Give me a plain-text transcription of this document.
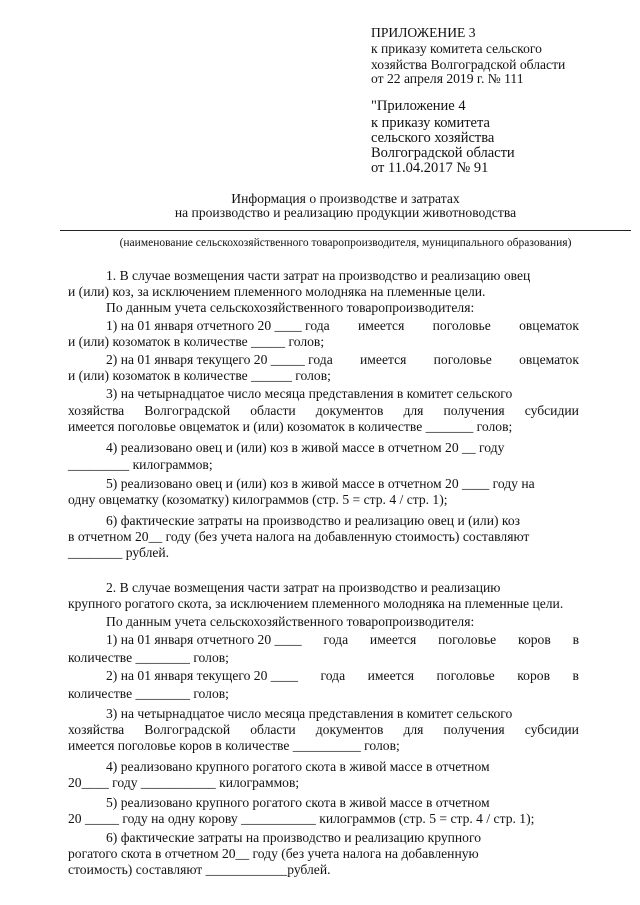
ПРИЛОЖЕНИЕ 3
к приказу комитета сельского
хозяйства Волгоградской области
от 22 апреля 2019 г. № 111
"Приложение 4
к приказу комитета
сельского хозяйства
Волгоградской области
от 11.04.2017 № 91
Информация о производстве и затратах
на производство и реализацию продукции животноводства
(наименование сельскохозяйственного товаропроизводителя, муниципального образования)
1. В случае возмещения части затрат на производство и реализацию овец
и (или) коз, за исключением племенного молодняка на племенные цели.
По данным учета сельскохозяйственного товаропроизводителя:
1) на 01 января отчетного 20 ____ года имеется поголовье овцематок
и (или) козоматок в количестве _____ голов;
2) на 01 января текущего 20 _____ года имеется поголовье овцематок
и (или) козоматок в количестве ______ голов;
3) на четырнадцатое число месяца представления в комитет сельского
хозяйства Волгоградской области документов для получения субсидии
имеется поголовье овцематок и (или) козоматок в количестве _______ голов;
4) реализовано овец и (или) коз в живой массе в отчетном 20 __ году
_________ килограммов;
5) реализовано овец и (или) коз в живой массе в отчетном 20 ____ году на
одну овцематку (козоматку) килограммов (стр. 5 = стр. 4 / стр. 1);
6) фактические затраты на производство и реализацию овец и (или) коз
в отчетном 20__ году (без учета налога на добавленную стоимость) составляют
________ рублей.
2. В случае возмещения части затрат на производство и реализацию
крупного рогатого скота, за исключением племенного молодняка на племенные цели.
По данным учета сельскохозяйственного товаропроизводителя:
1) на 01 января отчетного 20 ____ года имеется поголовье коров в
количестве ________ голов;
2) на 01 января текущего 20 ____ года имеется поголовье коров в
количестве ________ голов;
3) на четырнадцатое число месяца представления в комитет сельского
хозяйства Волгоградской области документов для получения субсидии
имеется поголовье коров в количестве __________ голов;
4) реализовано крупного рогатого скота в живой массе в отчетном
20____ году ___________ килограммов;
5) реализовано крупного рогатого скота в живой массе в отчетном
20 _____ году на одну корову ___________ килограммов (стр. 5 = стр. 4 / стр. 1);
6) фактические затраты на производство и реализацию крупного
рогатого скота в отчетном 20__ году (без учета налога на добавленную
стоимость) составляют ____________рублей.
